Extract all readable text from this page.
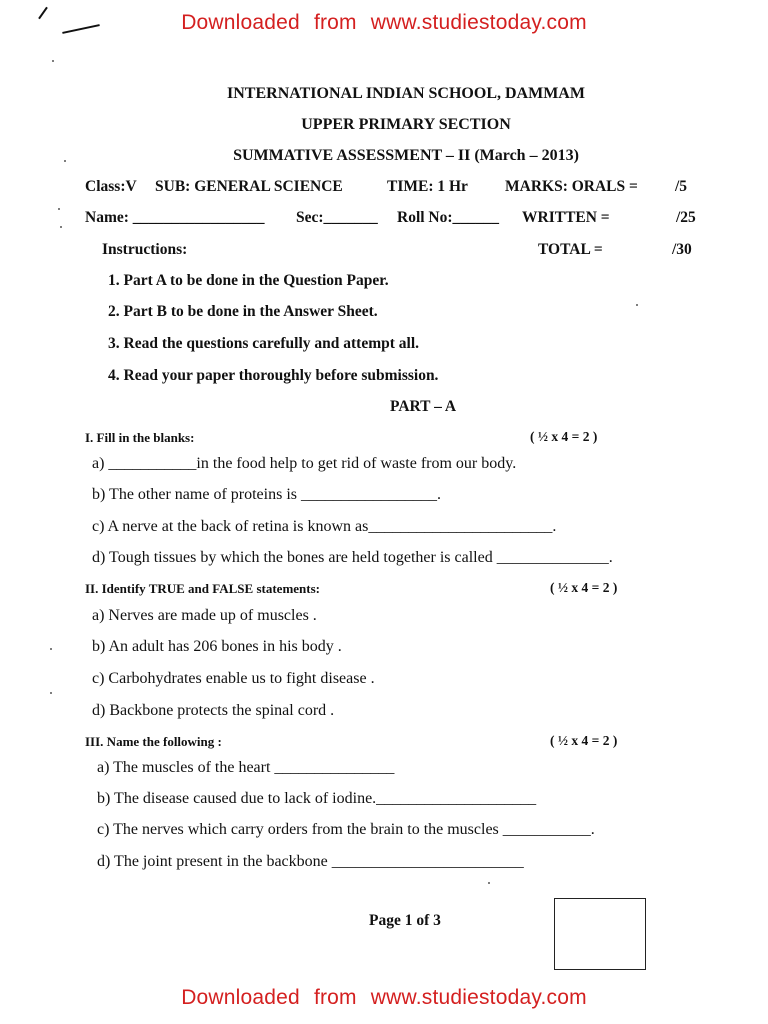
Downloaded from www.studiestoday.com
INTERNATIONAL INDIAN SCHOOL, DAMMAM
UPPER PRIMARY SECTION
SUMMATIVE ASSESSMENT – II (March – 2013)
Class:V SUB: GENERAL SCIENCE	TIME: 1 Hr MARKS: ORALS = /5
Name: _________________ Sec:_______ Roll No:______ WRITTEN =	/25
Instructions:	TOTAL =	/30
1. Part A to be done in the Question Paper.
2. Part B to be done in the Answer Sheet.
3. Read the questions carefully and attempt all.
4. Read your paper thoroughly before submission.
PART – A
I. Fill in the blanks:	( ½ x 4 = 2 )
a) ___________in the food help to get rid of waste from our body.
b) The other name of proteins is _________________.
c) A nerve at the back of retina is known as_______________________.
d) Tough tissues by which the bones are held together is called ______________.
II. Identify TRUE and FALSE statements:	( ½ x 4 = 2 )
a) Nerves are made up of muscles .
b) An adult has 206 bones in his body .
c) Carbohydrates enable us to fight disease .
d) Backbone protects the spinal cord .
III. Name the following :	( ½ x 4 = 2 )
a) The muscles of the heart _______________
b) The disease caused due to lack of iodine.____________________
c) The nerves which carry orders from the brain to the muscles ___________.
d) The joint present in the backbone ________________________
Page 1 of 3
Downloaded from www.studiestoday.com
